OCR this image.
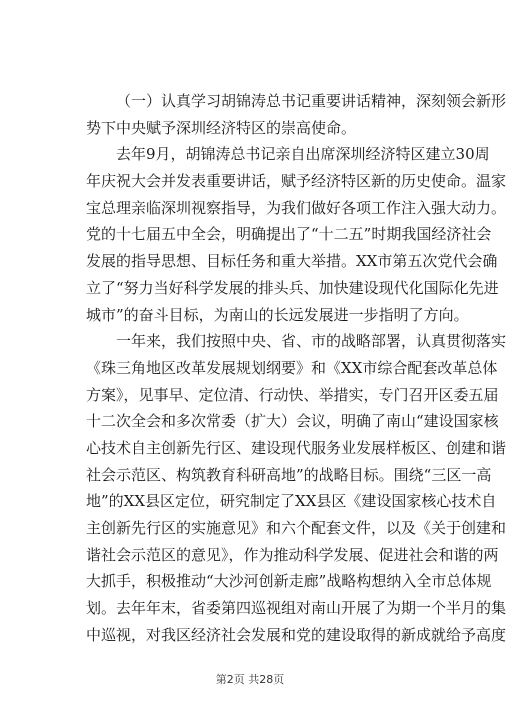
（一）认真学习胡锦涛总书记重要讲话精神，深刻领会新形
势下中央赋予深圳经济特区的崇高使命。
去年9月，胡锦涛总书记亲自出席深圳经济特区建立30周
年庆祝大会并发表重要讲话，赋予经济特区新的历史使命。温家
宝总理亲临深圳视察指导，为我们做好各项工作注入强大动力。
党的十七届五中全会，明确提出了“十二五”时期我国经济社会
发展的指导思想、目标任务和重大举措。XX市第五次党代会确
立了“努力当好科学发展的排头兵、加快建设现代化国际化先进
城市”的奋斗目标，为南山的长远发展进一步指明了方向。
一年来，我们按照中央、省、市的战略部署，认真贯彻落实
《珠三角地区改革发展规划纲要》和《XX市综合配套改革总体
方案》，见事早、定位清、行动快、举措实，专门召开区委五届
十二次全会和多次常委（扩大）会议，明确了南山“建设国家核
心技术自主创新先行区、建设现代服务业发展样板区、创建和谐
社会示范区、构筑教育科研高地”的战略目标。围绕“三区一高
地”的XX县区定位，研究制定了XX县区《建设国家核心技术自
主创新先行区的实施意见》和六个配套文件，以及《关于创建和
谐社会示范区的意见》，作为推动科学发展、促进社会和谐的两
大抓手，积极推动“大沙河创新走廊”战略构想纳入全市总体规
划。去年年末，省委第四巡视组对南山开展了为期一个半月的集
中巡视，对我区经济社会发展和党的建设取得的新成就给予高度
第2页 共28页
